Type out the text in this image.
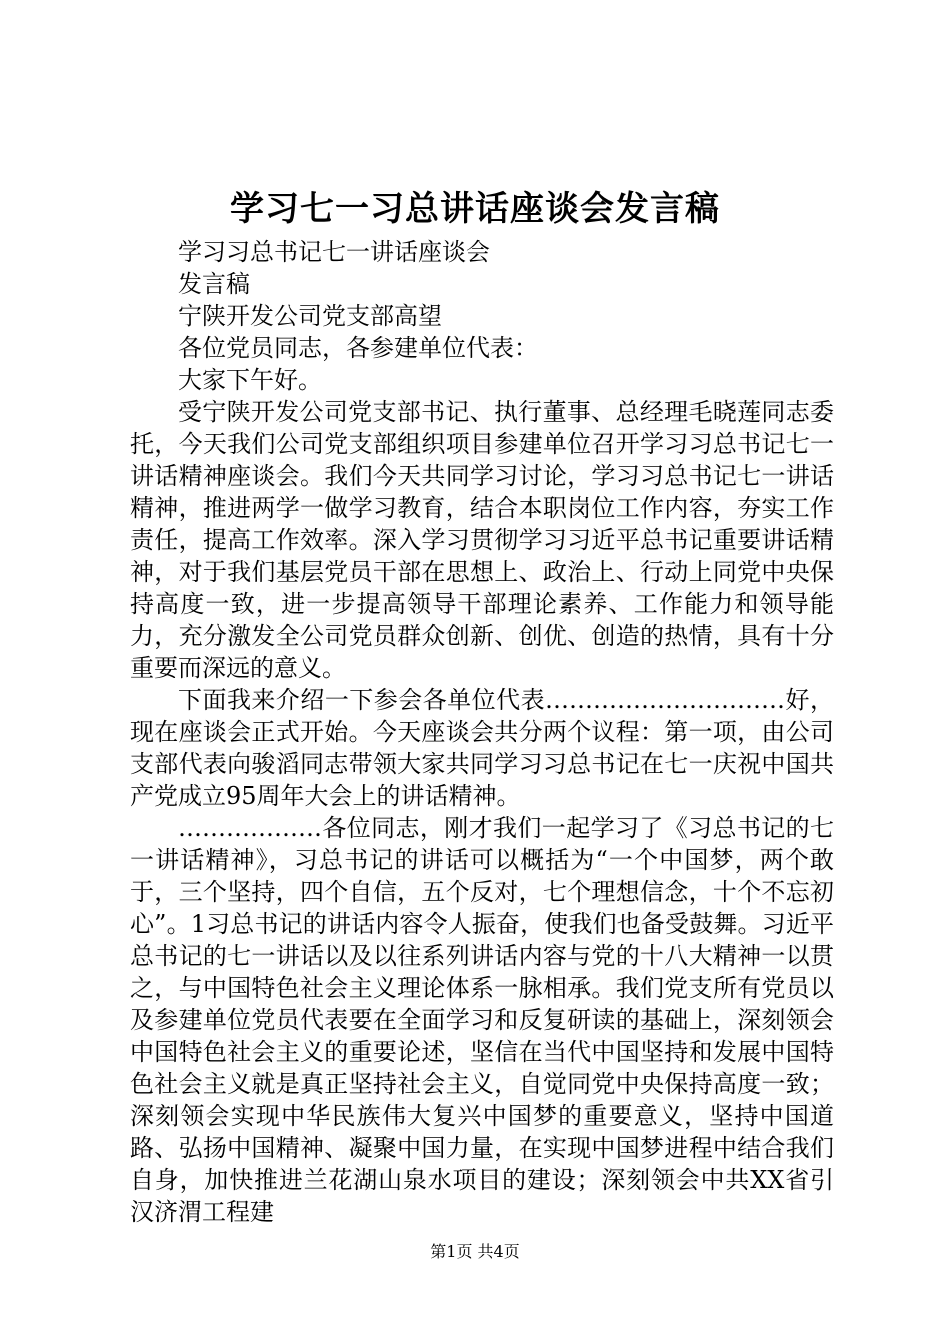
学习七一习总讲话座谈会发言稿

学习习总书记七一讲话座谈会

发言稿

宁陕开发公司党支部高望

各位党员同志，各参建单位代表：

大家下午好。

受宁陕开发公司党支部书记、执行董事、总经理毛晓莲同志委托，今天我们公司党支部组织项目参建单位召开学习习总书记七一讲话精神座谈会。我们今天共同学习讨论，学习习总书记七一讲话精神，推进两学一做学习教育，结合本职岗位工作内容，夯实工作责任，提高工作效率。深入学习贯彻学习习近平总书记重要讲话精神，对于我们基层党员干部在思想上、政治上、行动上同党中央保持高度一致，进一步提高领导干部理论素养、工作能力和领导能力，充分激发全公司党员群众创新、创优、创造的热情，具有十分重要而深远的意义。

下面我来介绍一下参会各单位代表…………………………好，现在座谈会正式开始。今天座谈会共分两个议程：第一项，由公司支部代表向骏滔同志带领大家共同学习习总书记在七一庆祝中国共产党成立95周年大会上的讲话精神。

………………各位同志，刚才我们一起学习了《习总书记的七一讲话精神》，习总书记的讲话可以概括为“一个中国梦，两个敢于，三个坚持，四个自信，五个反对，七个理想信念，十个不忘初心”。1习总书记的讲话内容令人振奋，使我们也备受鼓舞。习近平总书记的七一讲话以及以往系列讲话内容与党的十八大精神一以贯之，与中国特色社会主义理论体系一脉相承。我们党支所有党员以及参建单位党员代表要在全面学习和反复研读的基础上，深刻领会中国特色社会主义的重要论述，坚信在当代中国坚持和发展中国特色社会主义就是真正坚持社会主义，自觉同党中央保持高度一致；深刻领会实现中华民族伟大复兴中国梦的重要意义，坚持中国道路、弘扬中国精神、凝聚中国力量，在实现中国梦进程中结合我们自身，加快推进兰花湖山泉水项目的建设；深刻领会中共XX省引汉济渭工程建

第1页 共4页
